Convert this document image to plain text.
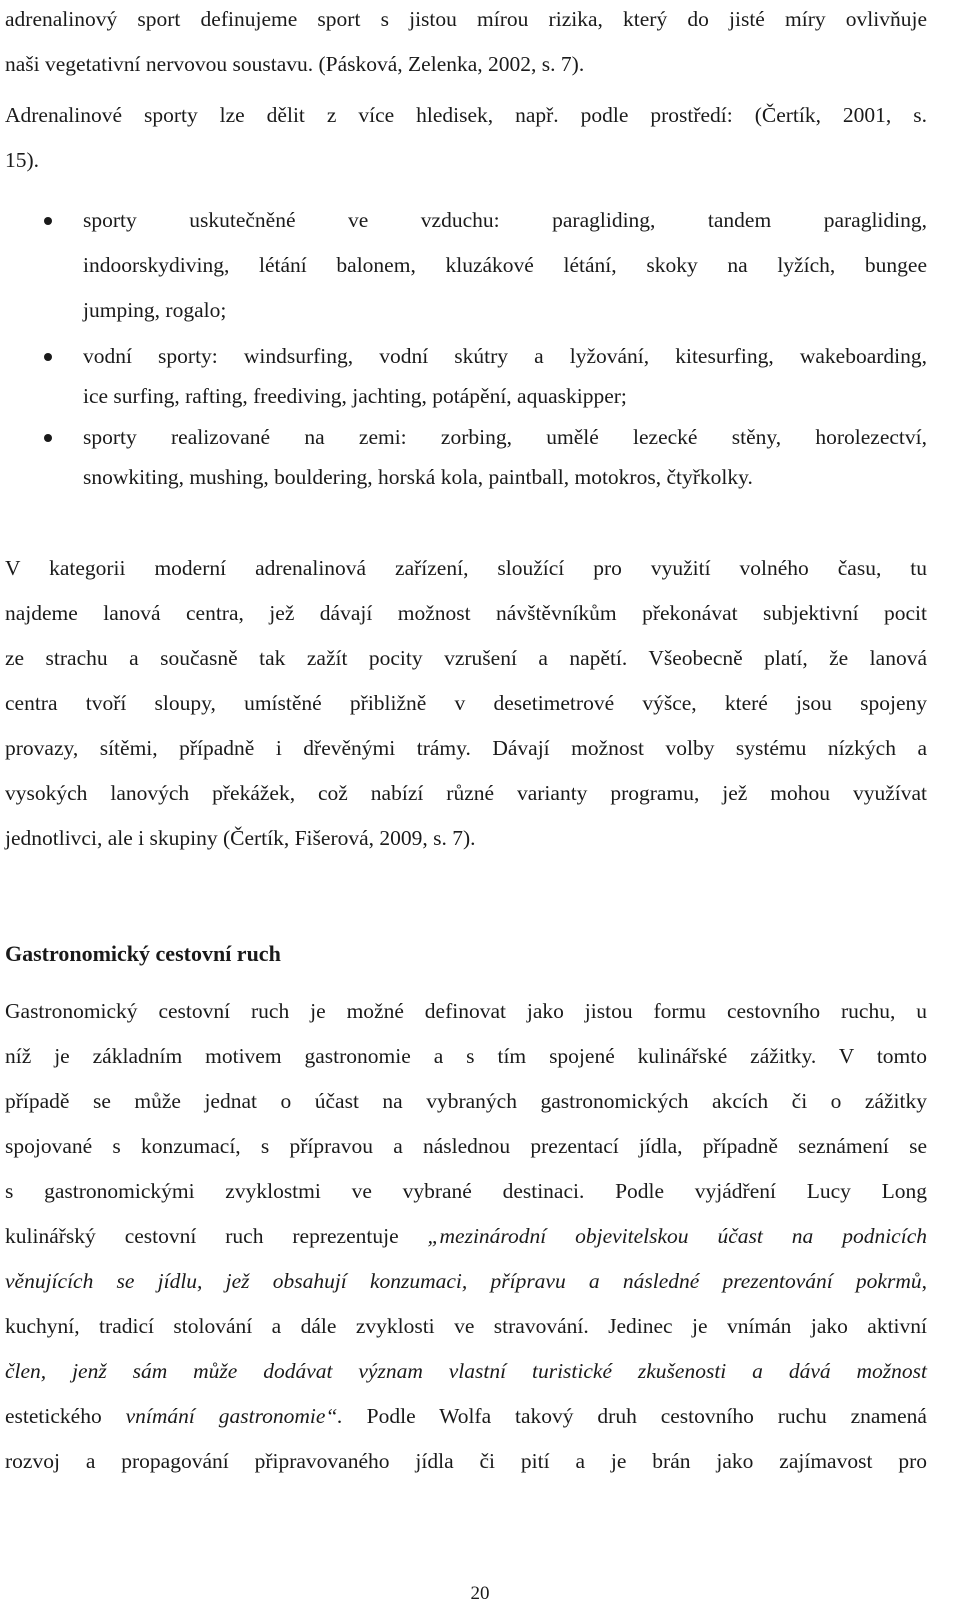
adrenalinový sport definujeme sport s jistou mírou rizika, který do jisté míry ovlivňuje
naši vegetativní nervovou soustavu. (Pásková, Zelenka, 2002, s. 7).
Adrenalinové sporty lze dělit z více hledisek, např. podle prostředí: (Čertík, 2001, s.
15).
sporty uskutečněné ve vzduchu: paragliding, tandem paragliding,
indoorskydiving, létání balonem, kluzákové létání, skoky na lyžích, bungee
jumping, rogalo;
vodní sporty: windsurfing, vodní skútry a lyžování, kitesurfing, wakeboarding,
ice surfing, rafting, freediving, jachting, potápění, aquaskipper;
sporty realizované na zemi: zorbing, umělé lezecké stěny, horolezectví,
snowkiting, mushing, bouldering, horská kola, paintball, motokros, čtyřkolky.
V kategorii moderní adrenalinová zařízení, sloužící pro využití volného času, tu
najdeme lanová centra, jež dávají možnost návštěvníkům překonávat subjektivní pocit
ze strachu a současně tak zažít pocity vzrušení a napětí. Všeobecně platí, že lanová
centra tvoří sloupy, umístěné přibližně v desetimetrové výšce, které jsou spojeny
provazy, sítěmi, případně i dřevěnými trámy. Dávají možnost volby systému nízkých a
vysokých lanových překážek, což nabízí různé varianty programu, jež mohou využívat
jednotlivci, ale i skupiny (Čertík, Fišerová, 2009, s. 7).
Gastronomický cestovní ruch
Gastronomický cestovní ruch je možné definovat jako jistou formu cestovního ruchu, u
níž je základním motivem gastronomie a s tím spojené kulinářské zážitky. V tomto
případě se může jednat o účast na vybraných gastronomických akcích či o zážitky
spojované s konzumací, s přípravou a následnou prezentací jídla, případně seznámení se
s gastronomickými zvyklostmi ve vybrané destinaci. Podle vyjádření Lucy Long
kulinářský cestovní ruch reprezentuje „mezinárodní objevitelskou účast na podnicích
věnujících se jídlu, jež obsahují konzumaci, přípravu a následné prezentování pokrmů,
kuchyní, tradicí stolování a dále zvyklosti ve stravování. Jedinec je vnímán jako aktivní
člen, jenž sám může dodávat význam vlastní turistické zkušenosti a dává možnost
estetického vnímání gastronomie“. Podle Wolfa takový druh cestovního ruchu znamená
rozvoj a propagování připravovaného jídla či pití a je brán jako zajímavost pro
20
